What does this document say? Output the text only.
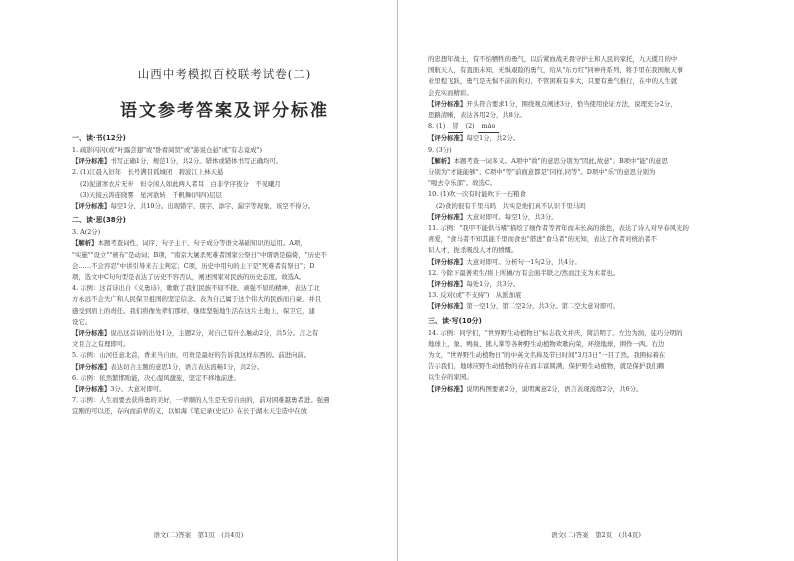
山西中考模拟百校联考试卷(二)
语文参考答案及评分标准
一、读·书(12分)
1. 疏影闪闪(或"叶露尝翅"或"卧看阅贤"或"游说仓悬"或"有志竟成")
【评分标准】书写正确1分，规范1分，共2分。错体或错体书写正确均可。
2. (1)江晨入旧年　长号满目孤城闭　碧波江上林天悬
(2)泥道寒衣片无步　但令闲人如此两人者耳　白非学序夜分　不见曦月
(3)天接云涛连晓雾　星河欲转　千帆舞(四四)层层
【评分标准】每空1分，共10分。出现错字、别字、添字、漏字等现象，该空不得分。
二、读·思(38分)
3. A(2分)
【解析】本题考查词性、词序、句子主干、句子成分等语文基础知识的运用。A项，
"实施""设立""颁布"是动词；B项，"南京大屠杀死难者国家公祭日"中谓语是偏倚，"历史不
会……不会容忍"中讲引导来吉主判定；C项，历史中用句的主干是"死难者有祭日"；D
项，选文中C句句型是表达了历史不容否认，阐述国家对民族的历史态度。故选A。
4. 示例：这首诗出自《义勇诗》，歌歌了我们民族不屈不挠、顽强不屈的精神，表达了北
方永远不会失广和人民保卫祖国的坚定信念。表为自己属于这个伟大的民族而自豪，并且
感受到肩上的责任。我们将像先辈们那样，继续坚强地生活在这片土地上，保卫它，建
设它。
【评分标准】说出这首诗的出处1分，主题2分，对自己有什么触动2分，共5分。言之有
文且言之有理即可。
5. 示例：山河任意北首，香来当自由，可贵是最好的告诉我这样东西的。前进向前。
【评分标准】表达切合主题的意思1分，语言表达流畅1分，共2分。
6. 示例：依然繁邯贻能，决心湿风激旅，坚定不移地前进。
【评分标准】3分。大意对即可。
7. 示例：人生而要去获得勇的美好，一辈顺的人生是无穷自由的，前对困难越勇者进。强遇
宜刚的可以还，存向而前辈的义，以如海《笔记录(史记)》在长于湖水天尘造中在放
语文(二)答案　第1页　(共4页)
的忠想年战士，有不怕牺牲的勇气，以后紧血战无畏守护土和人民的家托，九天揽月的中
国航天人，有直面未知，无惧艰险的勇气，给从"东方红"同神舟系列，将手里在我国航天事
业里程飞跃，勇气是无惧不前的利刃，不管困难有多大，只要有勇气推行，在中的人生就
会充实而精彩。
【评分标准】开头符合要求1分，围绕观点阐述3分，恰当使用论证方法，说理充分2分，
思路清晰，表达各用2分，共8分。
8. (1) 冒 (2) mào
【评分标准】每空1分，共2分。
9. (3分)
【解析】本题考查一词多义。A项中"故"的意思分别为"因此,故意"；B项中"能"的意思
分别为"才能能够"；C项中"等"前面意都是"同样,同等"。D项中"乐"的意思分别为
"喝去令乐部"。故选C。
10. (1)吹一次有时能吹下一石粮食
(2)食的很有千里马吗　共实是他们真不认识千里马吗
【评分标准】大意对即可。每空1分，共3分。
11. 示例："我甲不能供马嗜"描绘了细作者等青年而未长高的欲色，表达了诗人对早春风光的
喜爱，"食马者不知其能千里而食也"借进"食马者"的无知，表达了作者对统治者不
识人才，扼杀吸没人才的愤慨。
【评分标准】大意对即可。分析句一1句2分，共4分。
12. 今除下最著卖生/将上所摊/方有会面半联之/然而注支为术者也。
【评分标准】每处1分，共3分。
13. 反对(或"不支持")　从派加底
【评分标准】第一空1分，第二空2分，共3分。第二空大意对即可。
三、读·写(10分)
14. 示例：同学们，"世界野生动植物日"标志我文并庆，简洁明了。左边为润，徒巧分明的
地球上，象、鸭鱼、熊人掌等各种野生动植物欢歌向荣，环绕地球，围作一两。右边
为文，"世界野生动植物日"的中英文名称及节日时间"3月3日"一目了然。我围标着在
告示我们，地球应野生动植物的存在而丰富圆满，保护野生动植物，就是保护我们赖
以生存的家园。
【评分标准】说明构图要素2分，说明寓意2分，语言表现流练2分，共6分。
语文(二)答案　第2页　(共4页)
